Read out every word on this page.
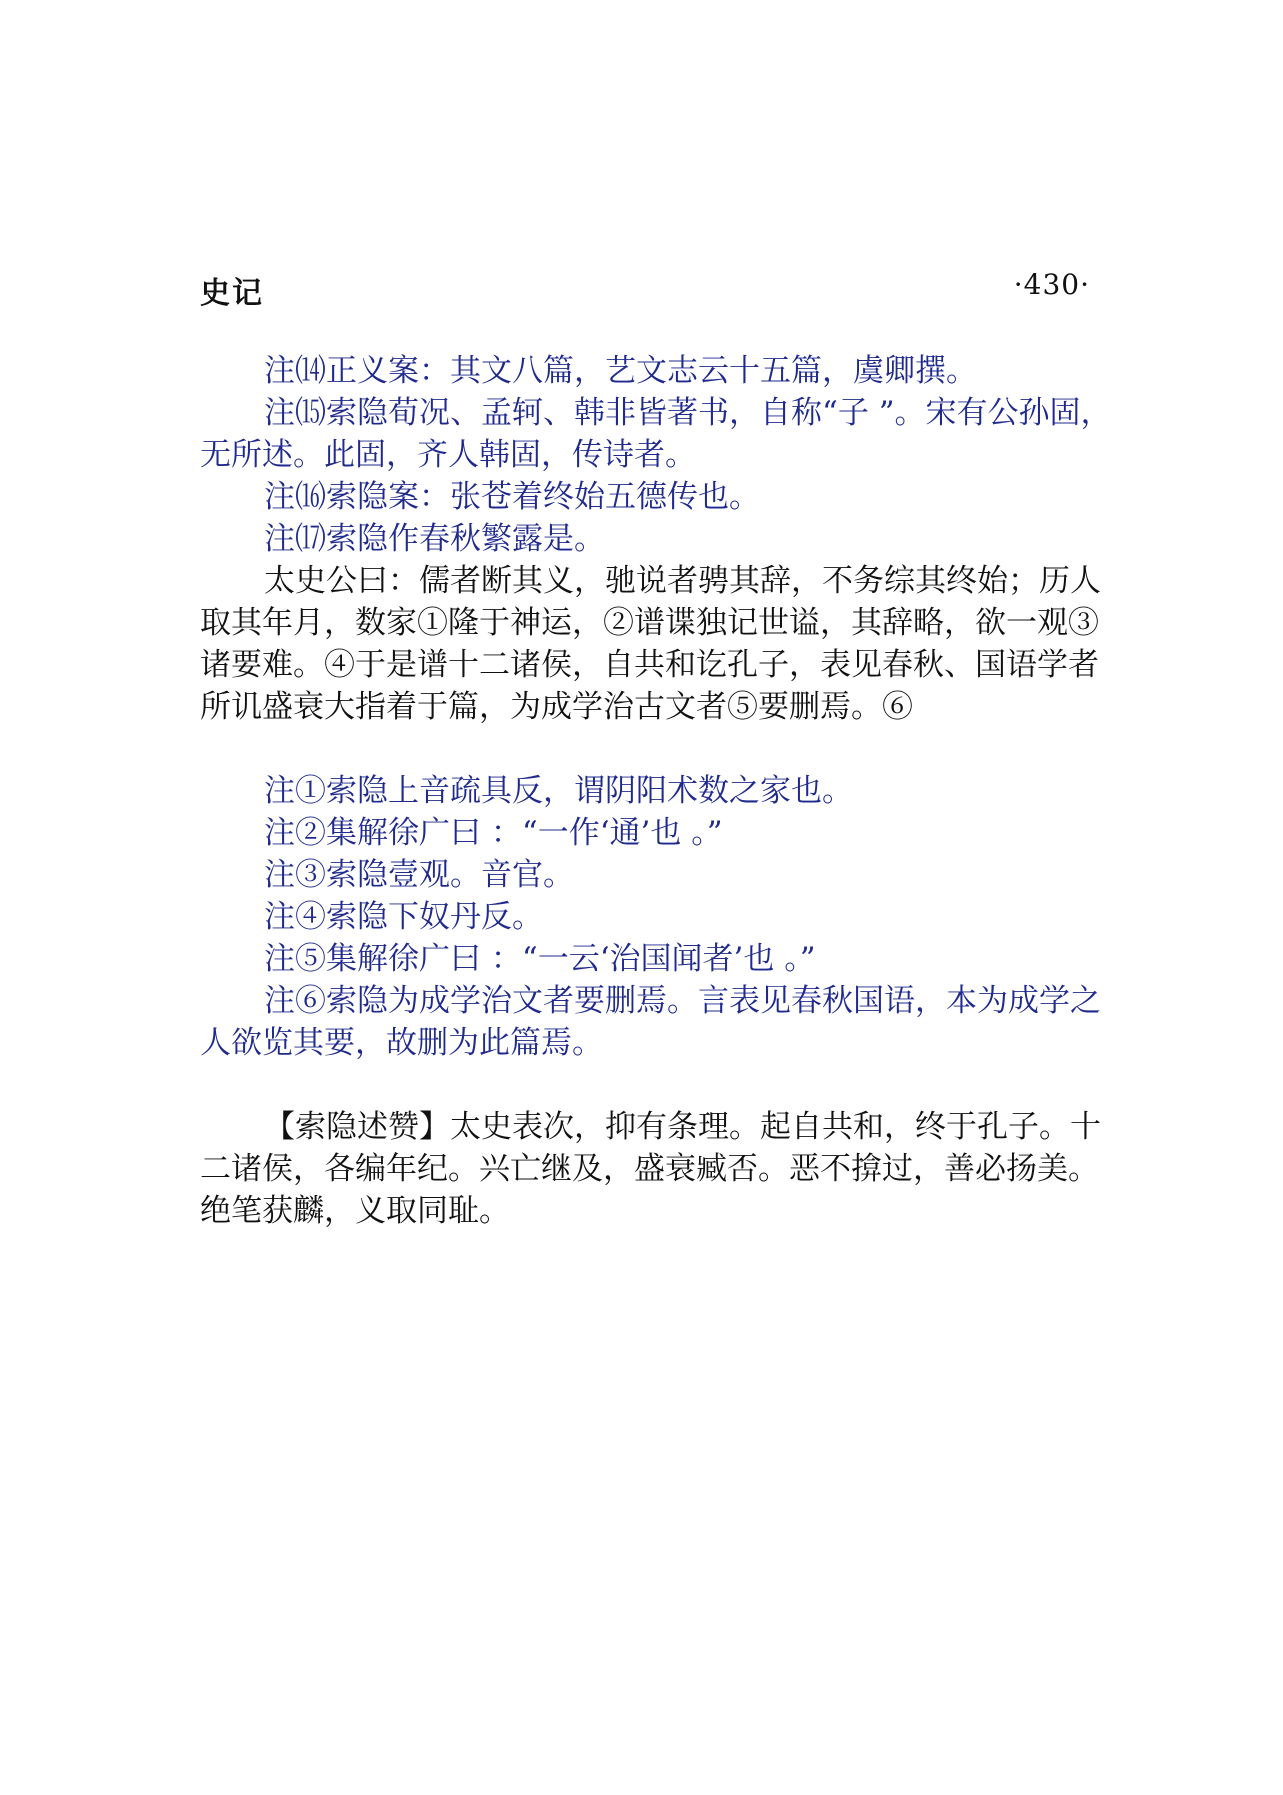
史记	·430·

注⒁正义案：其文八篇，艺文志云十五篇，虞卿撰。

注⒂索隐荀况、孟轲、韩非皆著书，自称“子 ”。宋有公孙固，无所述。此固，齐人韩固，传诗者。

注⒃索隐案：张苍着终始五德传也。

注⒄索隐作春秋繁露是。

太史公曰：儒者断其义，驰说者骋其辞，不务综其终始；历人取其年月，数家①隆于神运，②谱谍独记世谥，其辞略，欲一观③诸要难。④于是谱十二诸侯，自共和讫孔子，表见春秋、国语学者所讥盛衰大指着于篇，为成学治古文者⑤要删焉。⑥

注①索隐上音疏具反，谓阴阳术数之家也。

注②集解徐广曰 ：“一作‘通’也 。”

注③索隐壹观。音官。

注④索隐下奴丹反。

注⑤集解徐广曰 ：“一云‘治国闻者’也 。”

注⑥索隐为成学治文者要删焉。言表见春秋国语，本为成学之人欲览其要，故删为此篇焉。

【索隐述赞】太史表次，抑有条理。起自共和，终于孔子。十二诸侯，各编年纪。兴亡继及，盛衰臧否。恶不揜过，善必扬美。绝笔获麟，义取同耻。
